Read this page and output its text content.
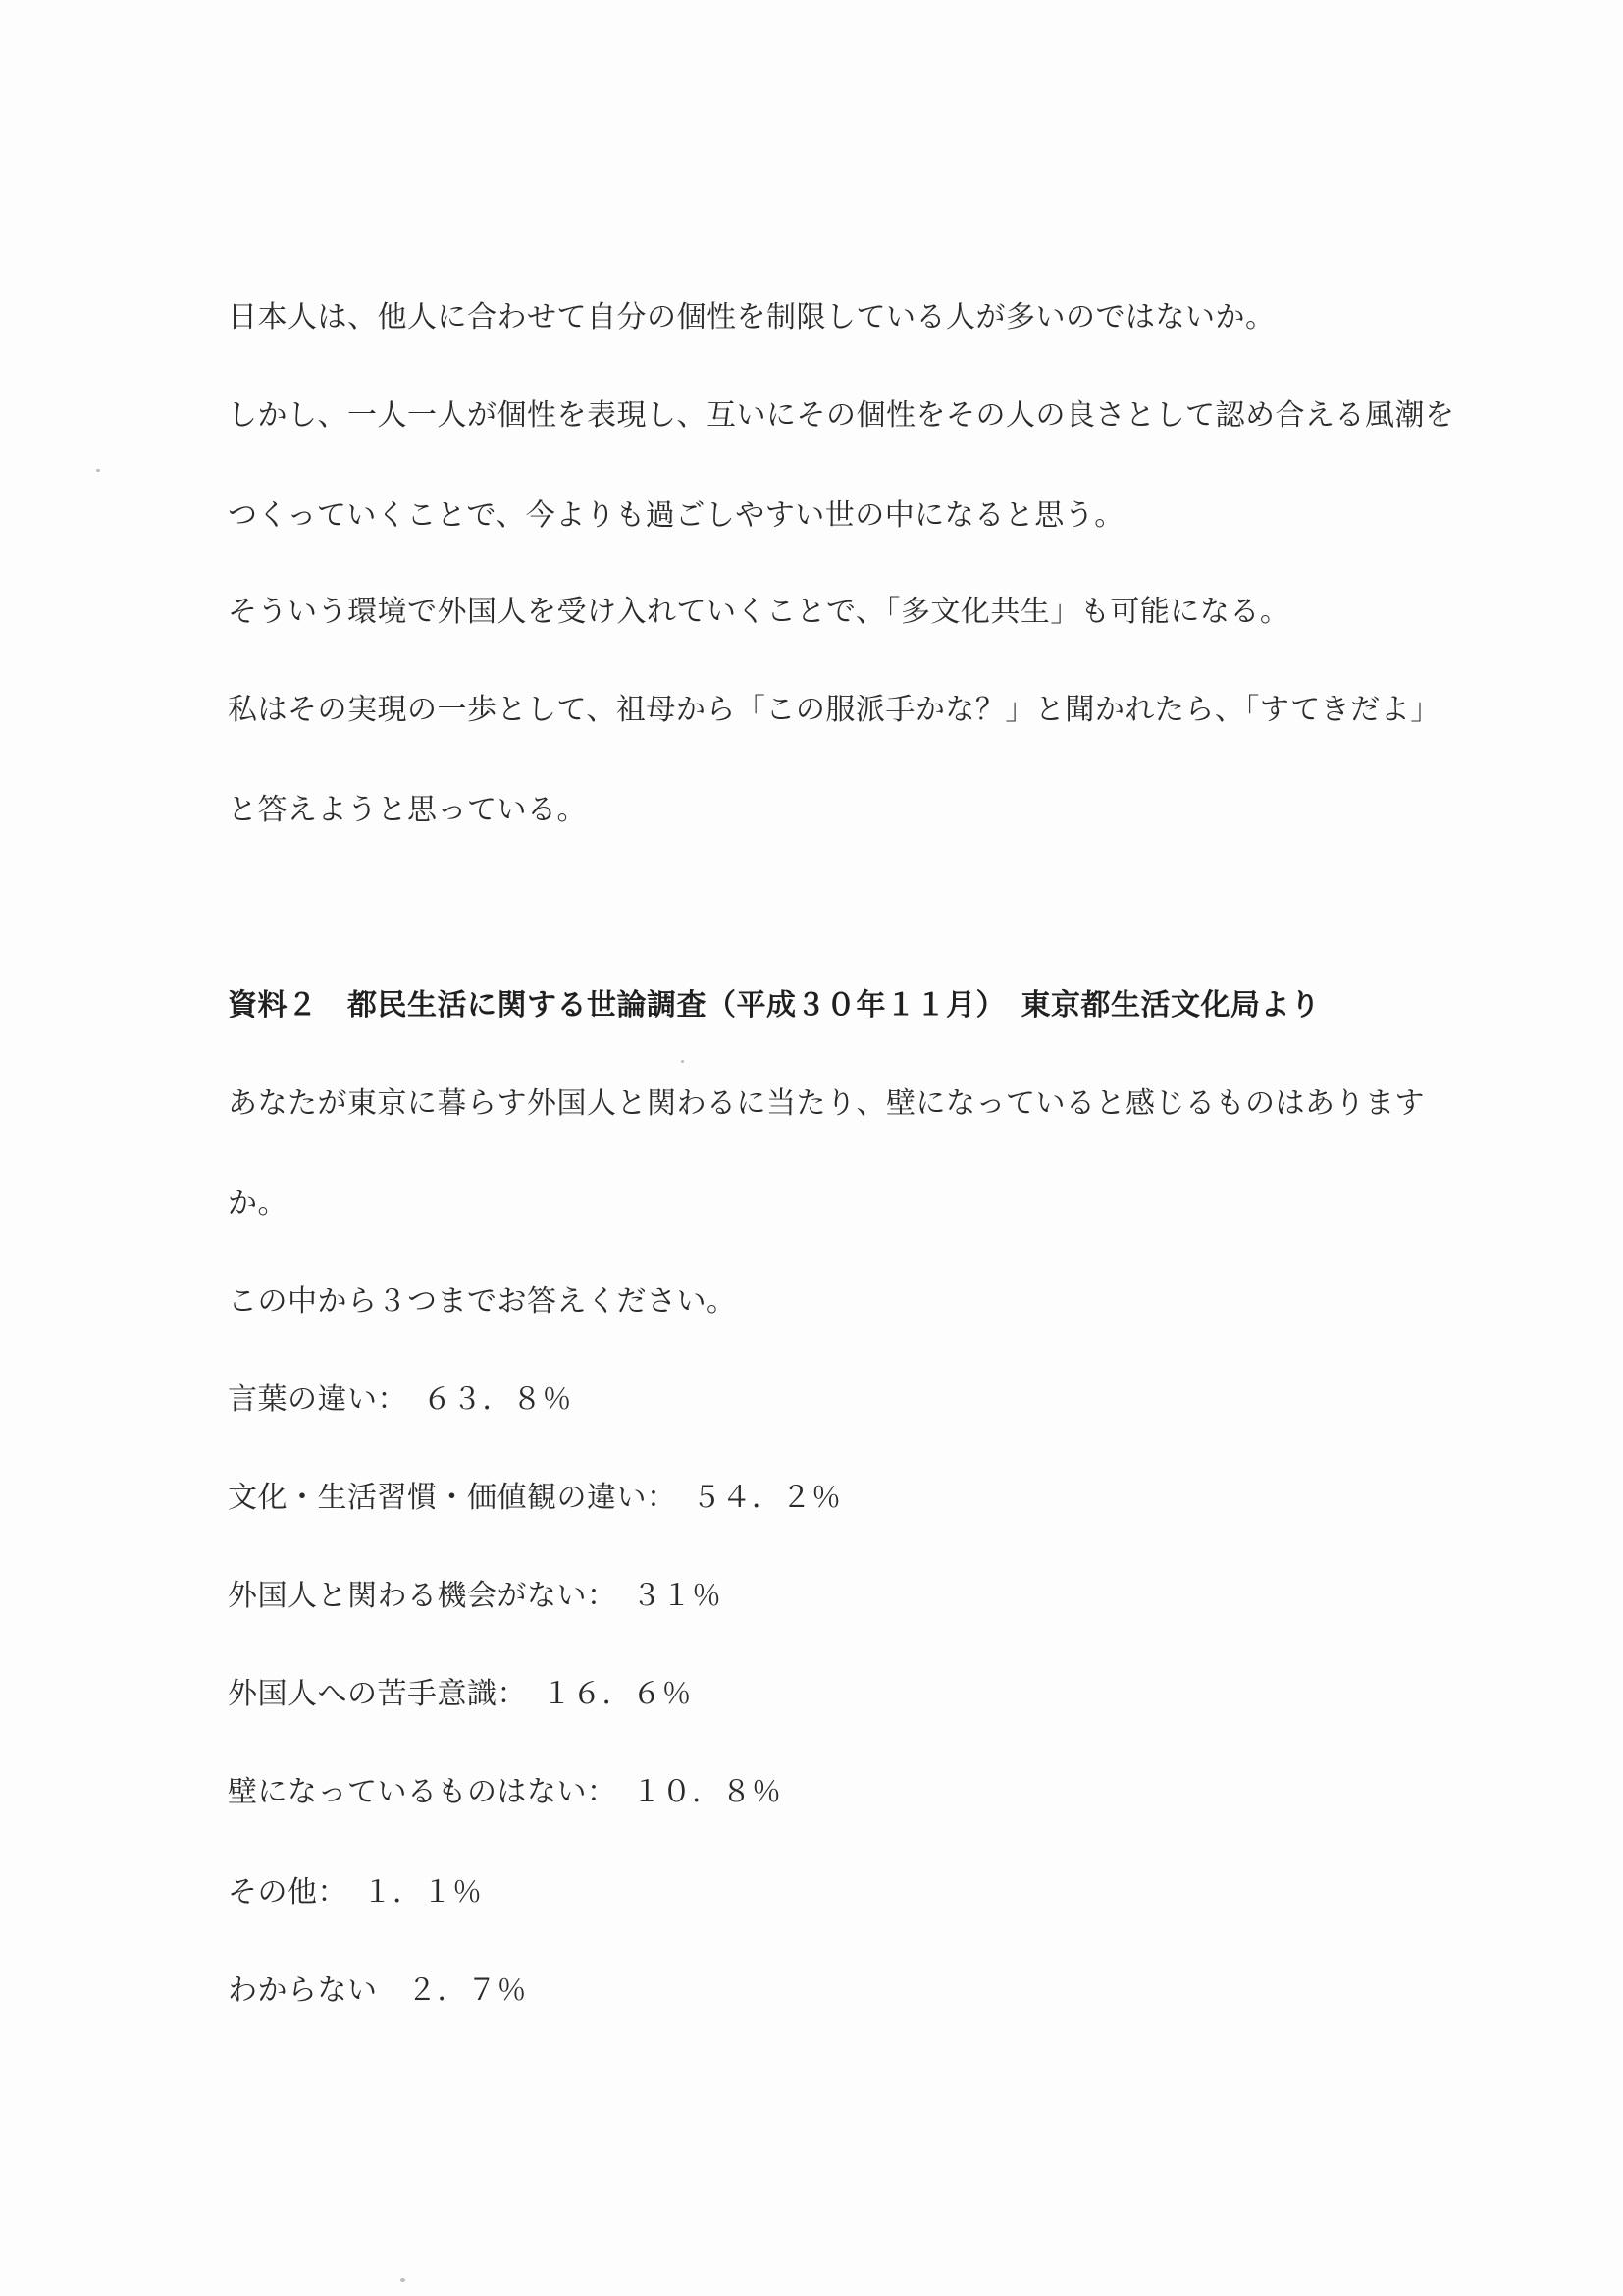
日本人は、他人に合わせて自分の個性を制限している人が多いのではないか。
しかし、一人一人が個性を表現し、互いにその個性をその人の良さとして認め合える風潮を
つくっていくことで、今よりも過ごしやすい世の中になると思う。
そういう環境で外国人を受け入れていくことで、「多文化共生」も可能になる。
私はその実現の一歩として、祖母から「この服派手かな？」と聞かれたら、「すてきだよ」
と答えようと思っている。
資料２　都民生活に関する世論調査（平成３０年１１月）　東京都生活文化局より
あなたが東京に暮らす外国人と関わるに当たり、壁になっていると感じるものはあります
か。
この中から３つまでお答えください。
言葉の違い：　６３．８％
文化・生活習慣・価値観の違い：　５４．２％
外国人と関わる機会がない：　３１％
外国人への苦手意識：　１６．６％
壁になっているものはない：　１０．８％
その他：　１．１％
わからない　２．７％
